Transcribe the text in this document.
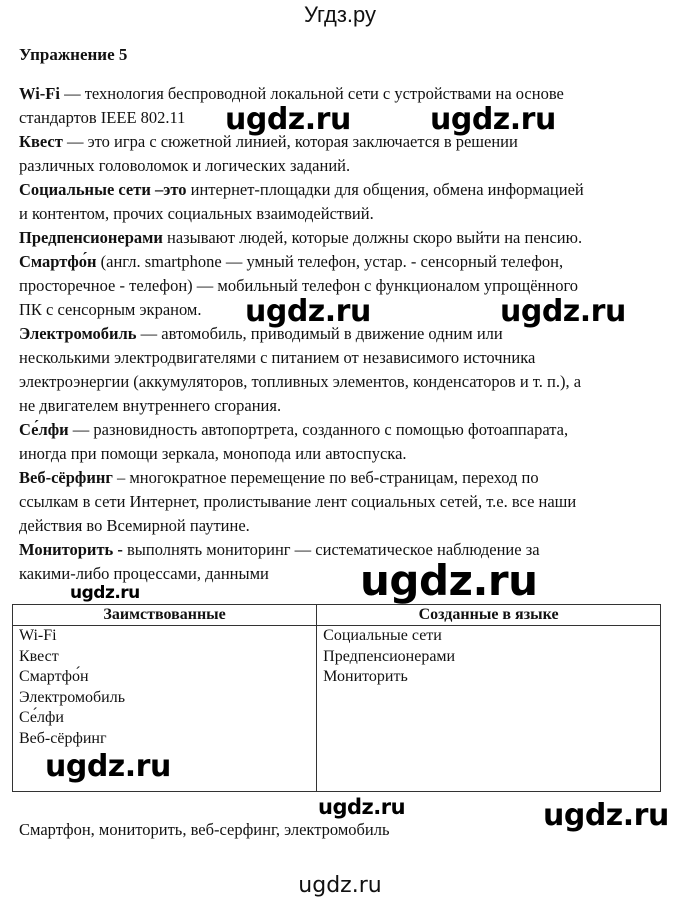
Угдз.ру
Упражнение 5
Wi-Fi — технология беспроводной локальной сети с устройствами на основе
стандартов IEEE 802.11
Квест — это игра с сюжетной линией, которая заключается в решении
различных головоломок и логических заданий.
Социальные сети –это интернет-площадки для общения, обмена информацией
и контентом, прочих социальных взаимодействий.
Предпенсионерами называют людей, которые должны скоро выйти на пенсию.
Смартфо́н (англ. smartphone — умный телефон, устар. - сенсорный телефон,
просторечное - телефон) — мобильный телефон с функционалом упрощённого
ПК с сенсорным экраном.
Электромобиль — автомобиль, приводимый в движение одним или
несколькими электродвигателями с питанием от независимого источника
электроэнергии (аккумуляторов, топливных элементов, конденсаторов и т. п.), а
не двигателем внутреннего сгорания.
Се́лфи — разновидность автопортрета, созданного с помощью фотоаппарата,
иногда при помощи зеркала, монопода или автоспуска.
Веб-сёрфинг – многократное перемещение по веб-страницам, переход по
ссылкам в сети Интернет, пролистывание лент социальных сетей, т.е. все наши
действия во Всемирной паутине.
Мониторить - выполнять мониторинг — систематическое наблюдение за
какими-либо процессами, данными
Заимствованные	Созданные в языке

Wi-Fi
Квест
Смартфо́н
Электромобиль
Се́лфи
Веб-сёрфинг

Социальные сети
Предпенсионерами
Мониторить
Смартфон, мониторить, веб-серфинг, электромобиль
ugdz.ru	ugdz.ru
ugdz.ru	ugdz.ru
ugdz.ru
ugdz.ru
ugdz.ru
ugdz.ru	ugdz.ru
ugdz.ru
